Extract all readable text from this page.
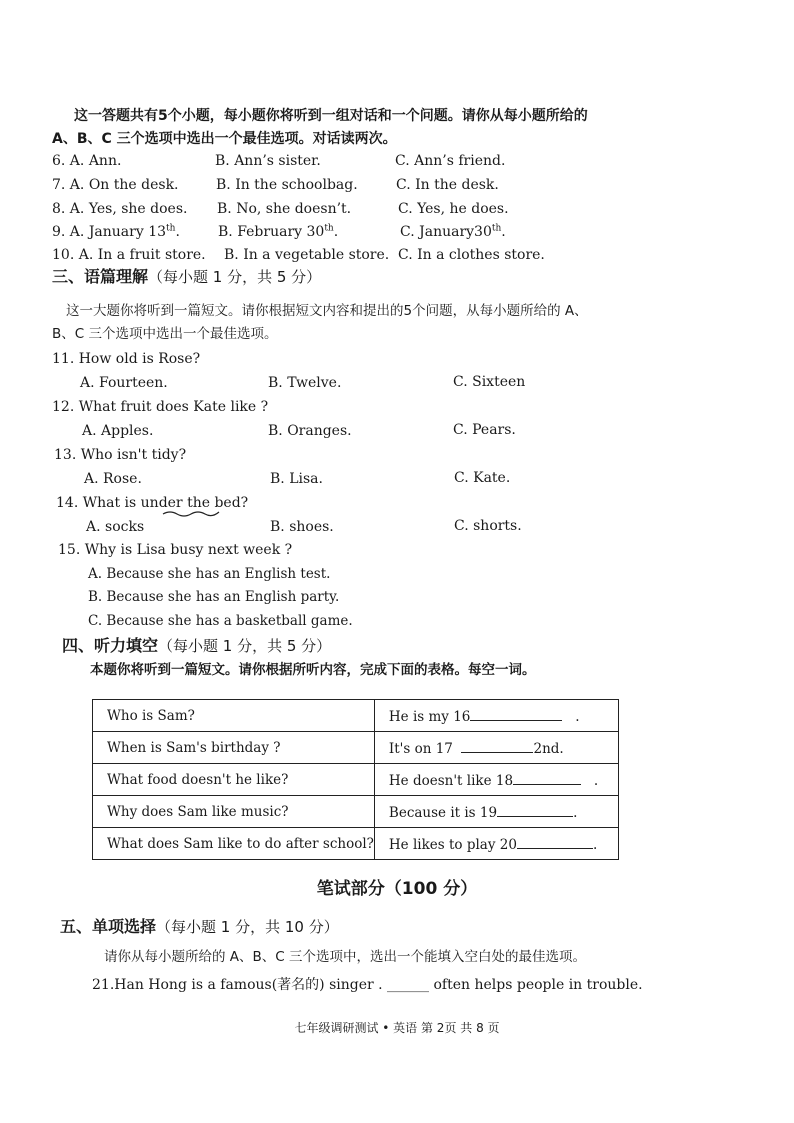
这一答题共有5个小题，每小题你将听到一组对话和一个问题。请你从每小题所给的
A、B、C 三个选项中选出一个最佳选项。对话读两次。
6. A. Ann.	B. Ann’s sister.	C. Ann’s friend.
7. A. On the desk.	B. In the schoolbag.	C. In the desk.
8. A. Yes, she does. B. No, she doesn’t.	C. Yes, he does.
9. A. January 13th.	B. February 30th.	C. January30th.
10. A. In a fruit store. B. In a vegetable store. C. In a clothes store.
三、语篇理解（每小题 1 分，共 5 分）
这一大题你将听到一篇短文。请你根据短文内容和提出的5个问题，从每小题所给的 A、
B、C 三个选项中选出一个最佳选项。
11. How old is Rose?
A. Fourteen.	B. Twelve.	C. Sixteen
12. What fruit does Kate like ?
A. Apples.	B. Oranges.	C. Pears.
13. Who isn't tidy?
A. Rose.	B. Lisa.	C. Kate.
14. What is under the bed?
A. socks	B. shoes.	C. shorts.
15. Why is Lisa busy next week ?
A. Because she has an English test.
B. Because she has an English party.
C. Because she has a basketball game.
四、听力填空（每小题 1 分，共 5 分）
本题你将听到一篇短文。请你根据所听内容，完成下面的表格。每空一词。
Who is Sam?	He is my 16 .
When is Sam's birthday ?	It's on 17 2nd.
What food doesn't he like?	He doesn't like 18 .
Why does Sam like music?	Because it is 19 .
What does Sam like to do after school?	He likes to play 20 .
笔试部分（100 分）
五、单项选择（每小题 1 分，共 10 分）
请你从每小题所给的 A、B、C 三个选项中，选出一个能填入空白处的最佳选项。
21.Han Hong is a famous(著名的) singer . ______ often helps people in trouble.
七年级调研测试 • 英语 第 2页 共 8 页
